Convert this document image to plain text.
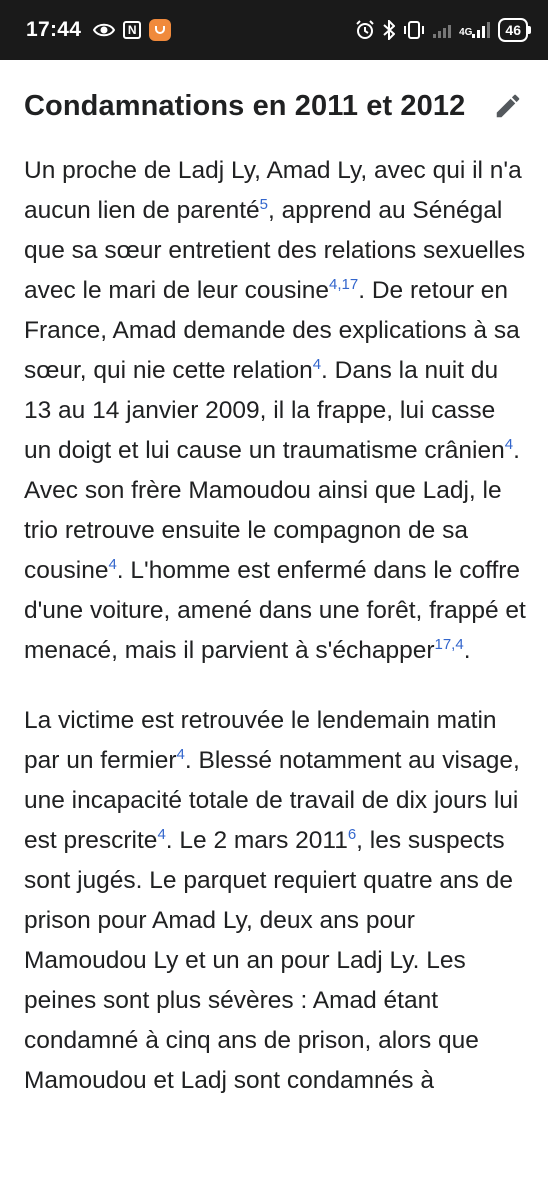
17:44	N	4G	46
Condamnations en 2011 et 2012

Un proche de Ladj Ly, Amad Ly, avec qui il n'a aucun lien de parenté$^5$, apprend au Sénégal que sa sœur entretient des relations sexuelles avec le mari de leur cousine$^{4,17}$. De retour en France, Amad demande des explications à sa sœur, qui nie cette relation$^4$. Dans la nuit du 13 au 14 janvier 2009, il la frappe, lui casse un doigt et lui cause un traumatisme crânien$^4$. Avec son frère Mamoudou ainsi que Ladj, le trio retrouve ensuite le compagnon de sa cousine$^4$. L'homme est enfermé dans le coffre d'une voiture, amené dans une forêt, frappé et menacé, mais il parvient à s'échapper$^{17,4}$.

La victime est retrouvée le lendemain matin par un fermier$^4$. Blessé notamment au visage, une incapacité totale de travail de dix jours lui est prescrite$^4$. Le 2 mars 2011$^6$, les suspects sont jugés. Le parquet requiert quatre ans de prison pour Amad Ly, deux ans pour Mamoudou Ly et un an pour Ladj Ly. Les peines sont plus sévères : Amad étant condamné à cinq ans de prison, alors que Mamoudou et Ladj sont condamnés à
